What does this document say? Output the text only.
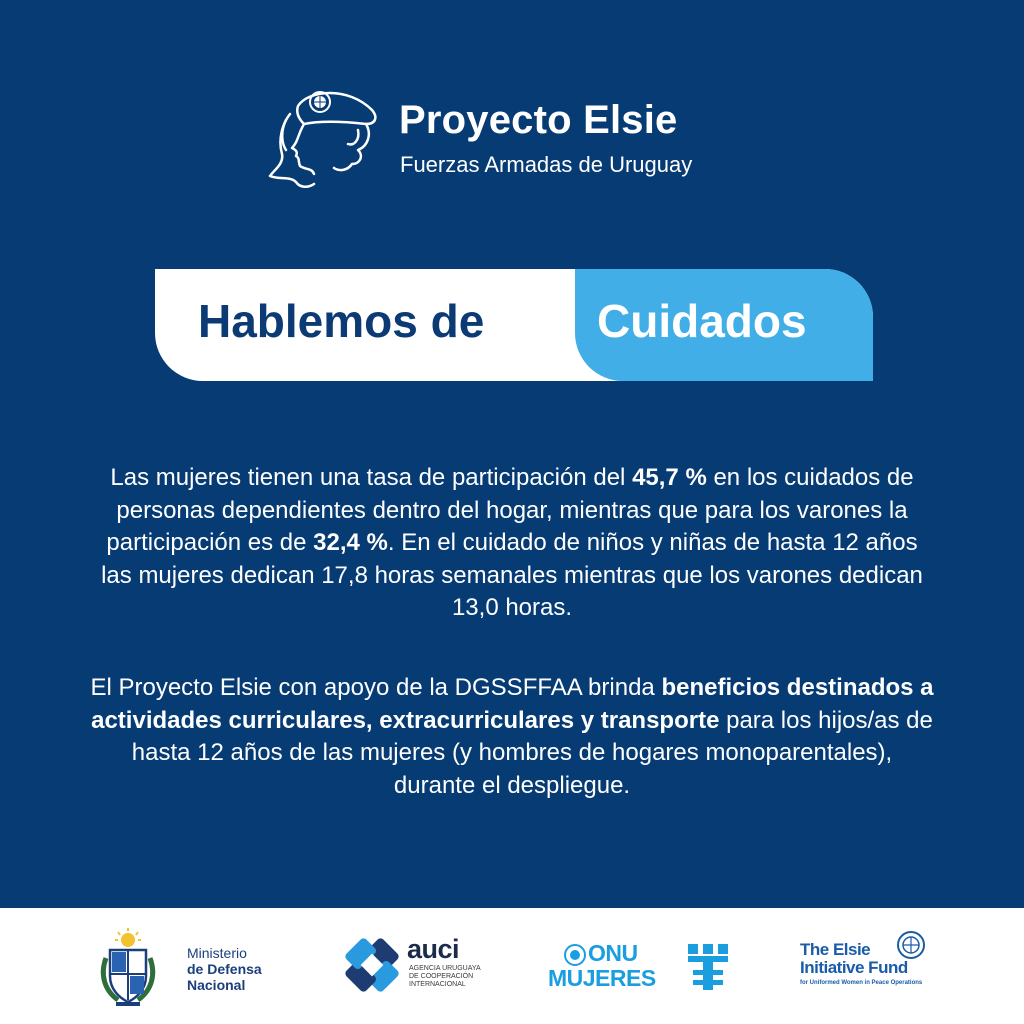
Proyecto Elsie
Fuerzas Armadas de Uruguay
Hablemos de Cuidados
Las mujeres tienen una tasa de participación del 45,7 % en los cuidados de personas dependientes dentro del hogar, mientras que para los varones la participación es de 32,4 %. En el cuidado de niños y niñas de hasta 12 años las mujeres dedican 17,8 horas semanales mientras que los varones dedican 13,0 horas.
El Proyecto Elsie con apoyo de la DGSSFFAA brinda beneficios destinados a actividades curriculares, extracurriculares y transporte para los hijos/as de hasta 12 años de las mujeres (y hombres de hogares monoparentales), durante el despliegue.
Ministerio
de Defensa
Nacional
auci
AGENCIA URUGUAYA
DE COOPERACIÓN
INTERNACIONAL
ONU
MUJERES
The Elsie
Initiative Fund
for Uniformed Women in Peace Operations
